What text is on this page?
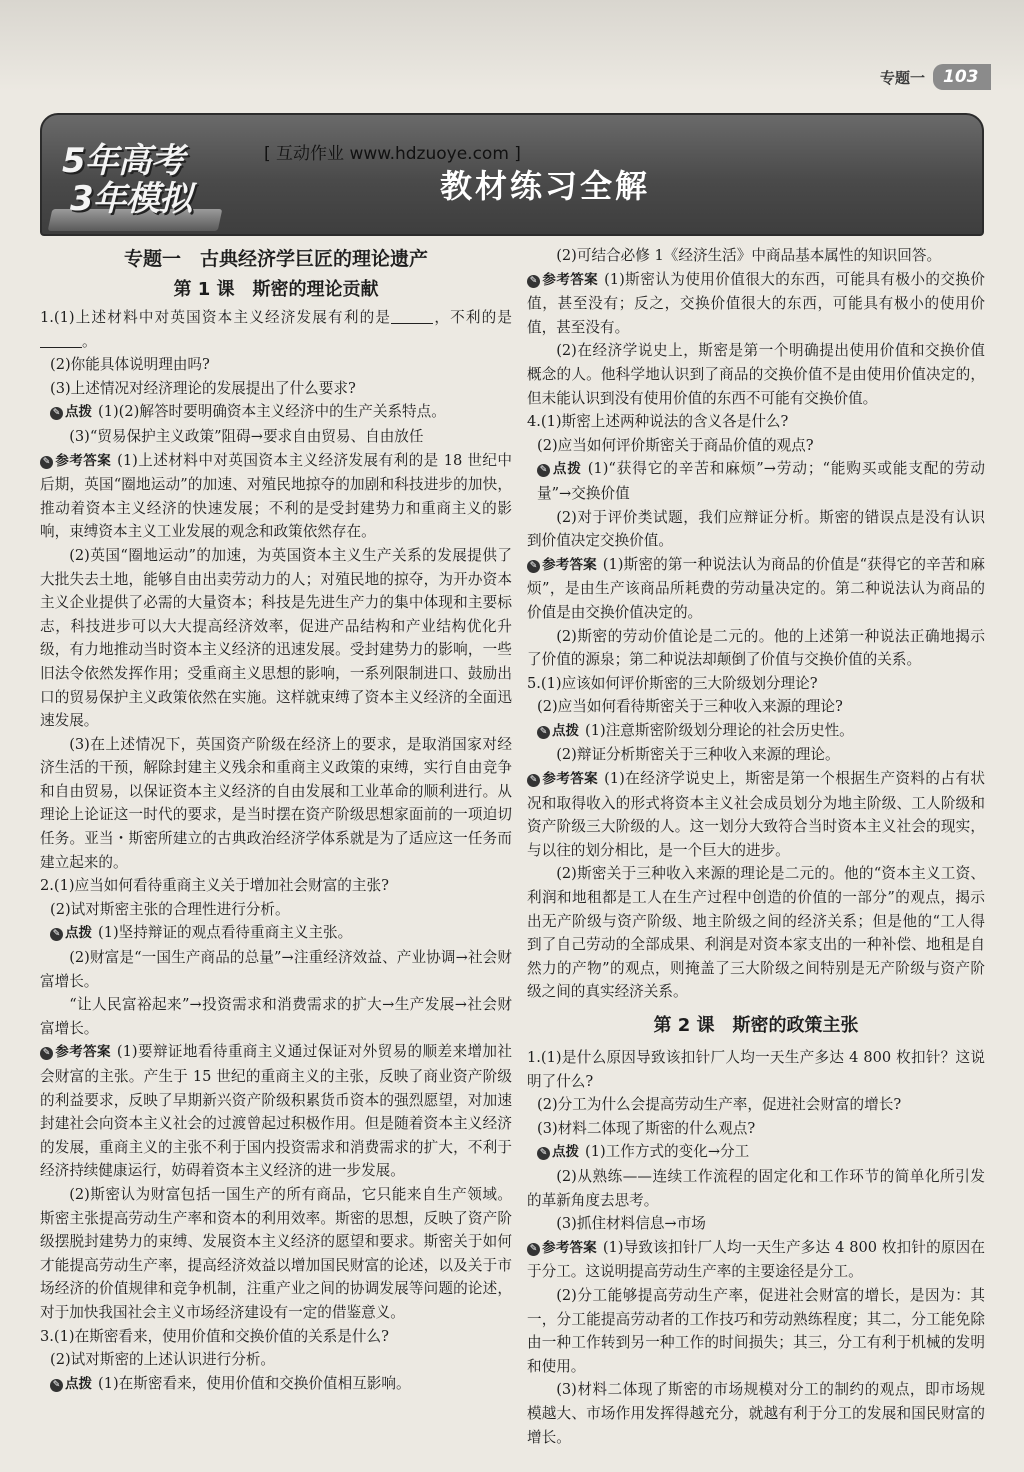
专题一	103
5年高考
3年模拟
[ 互动作业 www.hdzuoye.com ]
教材练习全解
专题一　古典经济学巨匠的理论遗产
第 1 课　斯密的理论贡献

1.(1)上述材料中对英国资本主义经济发展有利的是	，不利的是。

(2)你能具体说明理由吗?

(3)上述情况对经济理论的发展提出了什么要求?

✎ 点拨 (1)(2)解答时要明确资本主义经济中的生产关系特点。

(3)“贸易保护主义政策”阻碍→要求自由贸易、自由放任

✎ 参考答案 (1)上述材料中对英国资本主义经济发展有利的是 18 世纪中后期，英国“圈地运动”的加速、对殖民地掠夺的加剧和科技进步的加快，推动着资本主义经济的快速发展；不利的是受封建势力和重商主义的影响，束缚资本主义工业发展的观念和政策依然存在。

(2)英国“圈地运动”的加速，为英国资本主义生产关系的发展提供了大批失去土地，能够自由出卖劳动力的人；对殖民地的掠夺，为开办资本主义企业提供了必需的大量资本；科技是先进生产力的集中体现和主要标志，科技进步可以大大提高经济效率，促进产品结构和产业结构优化升级，有力地推动当时资本主义经济的迅速发展。受封建势力的影响，一些旧法令依然发挥作用；受重商主义思想的影响，一系列限制进口、鼓励出口的贸易保护主义政策依然在实施。这样就束缚了资本主义经济的全面迅速发展。

(3)在上述情况下，英国资产阶级在经济上的要求，是取消国家对经济生活的干预，解除封建主义残余和重商主义政策的束缚，实行自由竞争和自由贸易，以保证资本主义经济的自由发展和工业革命的顺利进行。从理论上论证这一时代的要求，是当时摆在资产阶级思想家面前的一项迫切任务。亚当・斯密所建立的古典政治经济学体系就是为了适应这一任务而建立起来的。

2.(1)应当如何看待重商主义关于增加社会财富的主张?

(2)试对斯密主张的合理性进行分析。

✎ 点拨 (1)坚持辩证的观点看待重商主义主张。

(2)财富是“一国生产商品的总量”→注重经济效益、产业协调→社会财富增长。

“让人民富裕起来”→投资需求和消费需求的扩大→生产发展→社会财富增长。

✎ 参考答案 (1)要辩证地看待重商主义通过保证对外贸易的顺差来增加社会财富的主张。产生于 15 世纪的重商主义的主张，反映了商业资产阶级的利益要求，反映了早期新兴资产阶级积累货币资本的强烈愿望，对加速封建社会向资本主义社会的过渡曾起过积极作用。但是随着资本主义经济的发展，重商主义的主张不利于国内投资需求和消费需求的扩大，不利于经济持续健康运行，妨碍着资本主义经济的进一步发展。

(2)斯密认为财富包括一国生产的所有商品，它只能来自生产领域。斯密主张提高劳动生产率和资本的利用效率。斯密的思想，反映了资产阶级摆脱封建势力的束缚、发展资本主义经济的愿望和要求。斯密关于如何才能提高劳动生产率，提高经济效益以增加国民财富的论述，以及关于市场经济的价值规律和竞争机制，注重产业之间的协调发展等问题的论述，对于加快我国社会主义市场经济建设有一定的借鉴意义。

3.(1)在斯密看来，使用价值和交换价值的关系是什么?

(2)试对斯密的上述认识进行分析。

✎ 点拨 (1)在斯密看来，使用价值和交换价值相互影响。

(2)可结合必修 1《经济生活》中商品基本属性的知识回答。

✎ 参考答案 (1)斯密认为使用价值很大的东西，可能具有极小的交换价值，甚至没有；反之，交换价值很大的东西，可能具有极小的使用价值，甚至没有。

(2)在经济学说史上，斯密是第一个明确提出使用价值和交换价值概念的人。他科学地认识到了商品的交换价值不是由使用价值决定的，但未能认识到没有使用价值的东西不可能有交换价值。

4.(1)斯密上述两种说法的含义各是什么?

(2)应当如何评价斯密关于商品价值的观点?

✎ 点拨 (1)“获得它的辛苦和麻烦”→劳动；“能购买或能支配的劳动量”→交换价值

(2)对于评价类试题，我们应辩证分析。斯密的错误点是没有认识到价值决定交换价值。

✎ 参考答案 (1)斯密的第一种说法认为商品的价值是“获得它的辛苦和麻烦”，是由生产该商品所耗费的劳动量决定的。第二种说法认为商品的价值是由交换价值决定的。

(2)斯密的劳动价值论是二元的。他的上述第一种说法正确地揭示了价值的源泉；第二种说法却颠倒了价值与交换价值的关系。

5.(1)应该如何评价斯密的三大阶级划分理论?

(2)应当如何看待斯密关于三种收入来源的理论?

✎ 点拨 (1)注意斯密阶级划分理论的社会历史性。

(2)辩证分析斯密关于三种收入来源的理论。

✎ 参考答案 (1)在经济学说史上，斯密是第一个根据生产资料的占有状况和取得收入的形式将资本主义社会成员划分为地主阶级、工人阶级和资产阶级三大阶级的人。这一划分大致符合当时资本主义社会的现实，与以往的划分相比，是一个巨大的进步。

(2)斯密关于三种收入来源的理论是二元的。他的“资本主义工资、利润和地租都是工人在生产过程中创造的价值的一部分”的观点，揭示出无产阶级与资产阶级、地主阶级之间的经济关系；但是他的“工人得到了自己劳动的全部成果、利润是对资本家支出的一种补偿、地租是自然力的产物”的观点，则掩盖了三大阶级之间特别是无产阶级与资产阶级之间的真实经济关系。

第 2 课　斯密的政策主张

1.(1)是什么原因导致该扣针厂人均一天生产多达 4 800 枚扣针？这说明了什么?

(2)分工为什么会提高劳动生产率，促进社会财富的增长?

(3)材料二体现了斯密的什么观点?

✎ 点拨 (1)工作方式的变化→分工

(2)从熟练——连续工作流程的固定化和工作环节的简单化所引发的革新角度去思考。

(3)抓住材料信息→市场

✎ 参考答案 (1)导致该扣针厂人均一天生产多达 4 800 枚扣针的原因在于分工。这说明提高劳动生产率的主要途径是分工。

(2)分工能够提高劳动生产率，促进社会财富的增长，是因为：其一，分工能提高劳动者的工作技巧和劳动熟练程度；其二，分工能免除由一种工作转到另一种工作的时间损失；其三，分工有利于机械的发明和使用。

(3)材料二体现了斯密的市场规模对分工的制约的观点，即市场规模越大、市场作用发挥得越充分，就越有利于分工的发展和国民财富的增长。
